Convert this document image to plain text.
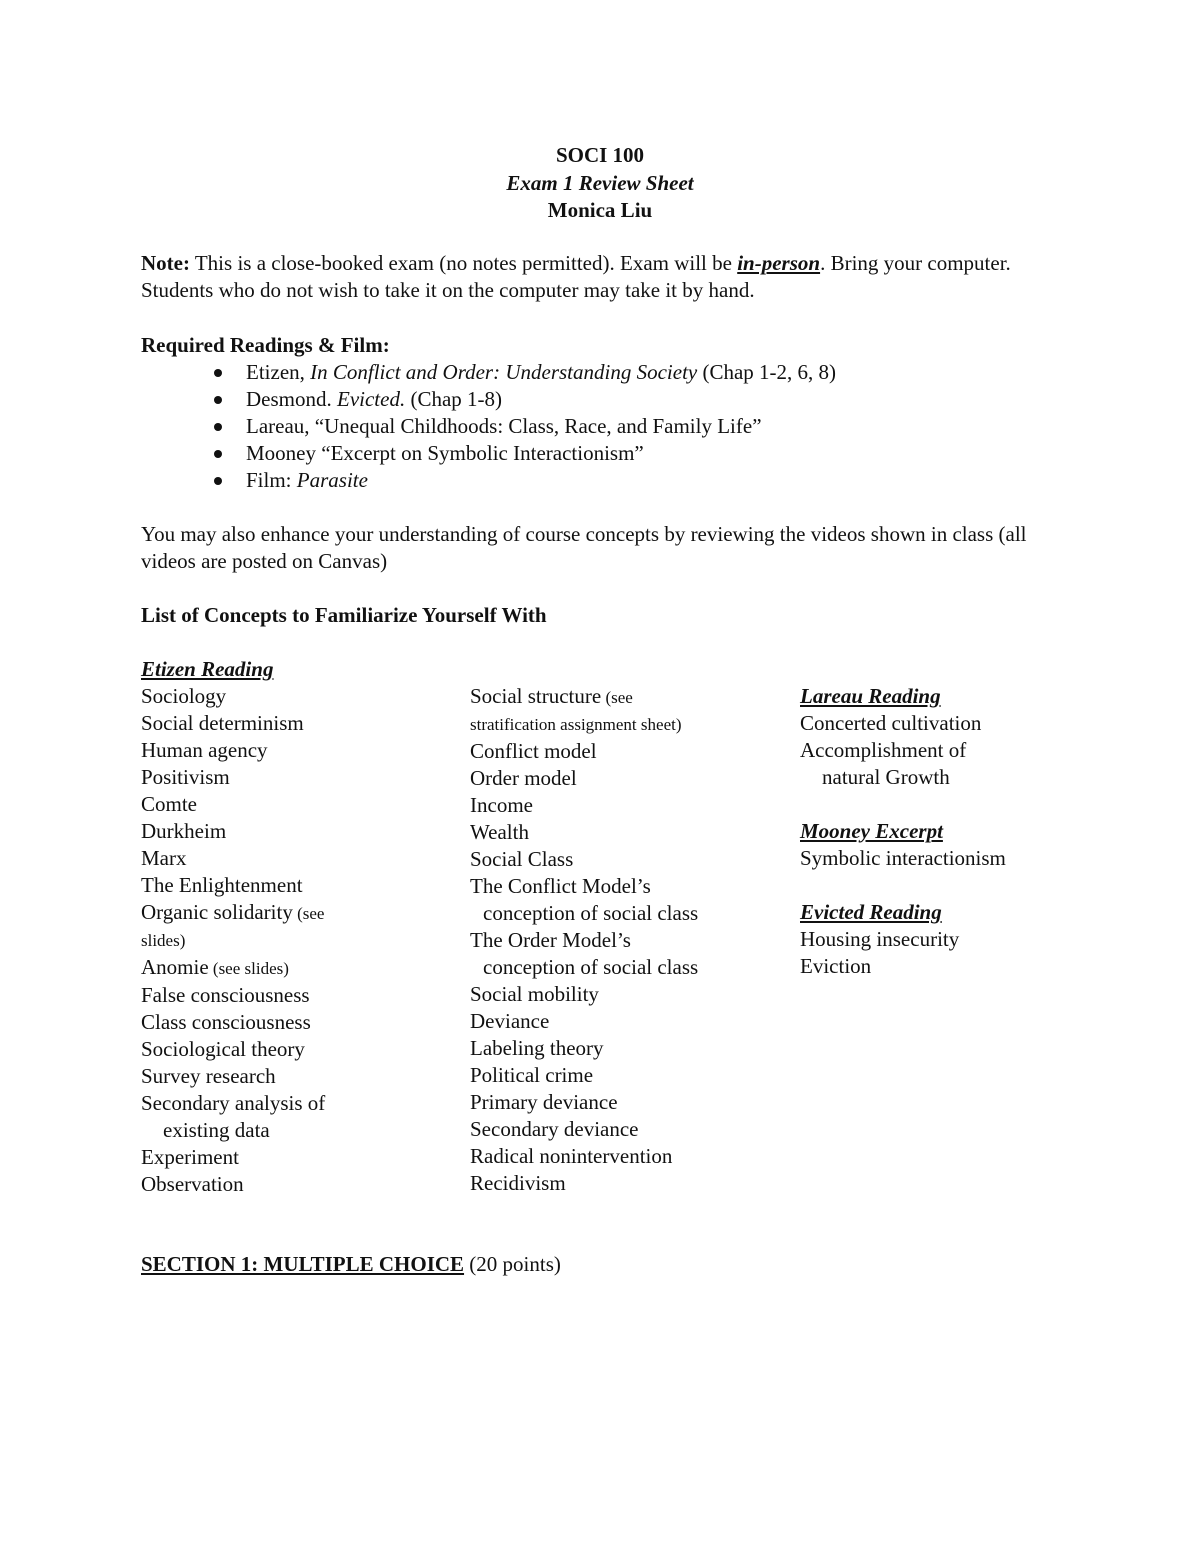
SOCI 100
Exam 1 Review Sheet
Monica Liu
Note: This is a close-booked exam (no notes permitted). Exam will be in-person. Bring your computer. Students who do not wish to take it on the computer may take it by hand.
Required Readings & Film:
Etizen, In Conflict and Order: Understanding Society (Chap 1-2, 6, 8)
Desmond. Evicted. (Chap 1-8)
Lareau, “Unequal Childhoods: Class, Race, and Family Life”
Mooney “Excerpt on Symbolic Interactionism”
Film: Parasite
You may also enhance your understanding of course concepts by reviewing the videos shown in class (all videos are posted on Canvas)
List of Concepts to Familiarize Yourself With
Etizen Reading
Sociology
Social determinism
Human agency
Positivism
Comte
Durkheim
Marx
The Enlightenment
Organic solidarity (see
slides)
Anomie (see slides)
False consciousness
Class consciousness
Sociological theory
Survey research
Secondary analysis of
existing data
Experiment
Observation
Social structure (see
stratification assignment sheet)
Conflict model
Order model
Income
Wealth
Social Class
The Conflict Model’s
conception of social class
The Order Model’s
conception of social class
Social mobility
Deviance
Labeling theory
Political crime
Primary deviance
Secondary deviance
Radical nonintervention
Recidivism
Lareau Reading
Concerted cultivation
Accomplishment of
natural Growth
Mooney Excerpt
Symbolic interactionism
Evicted Reading
Housing insecurity
Eviction
SECTION 1: MULTIPLE CHOICE (20 points)
